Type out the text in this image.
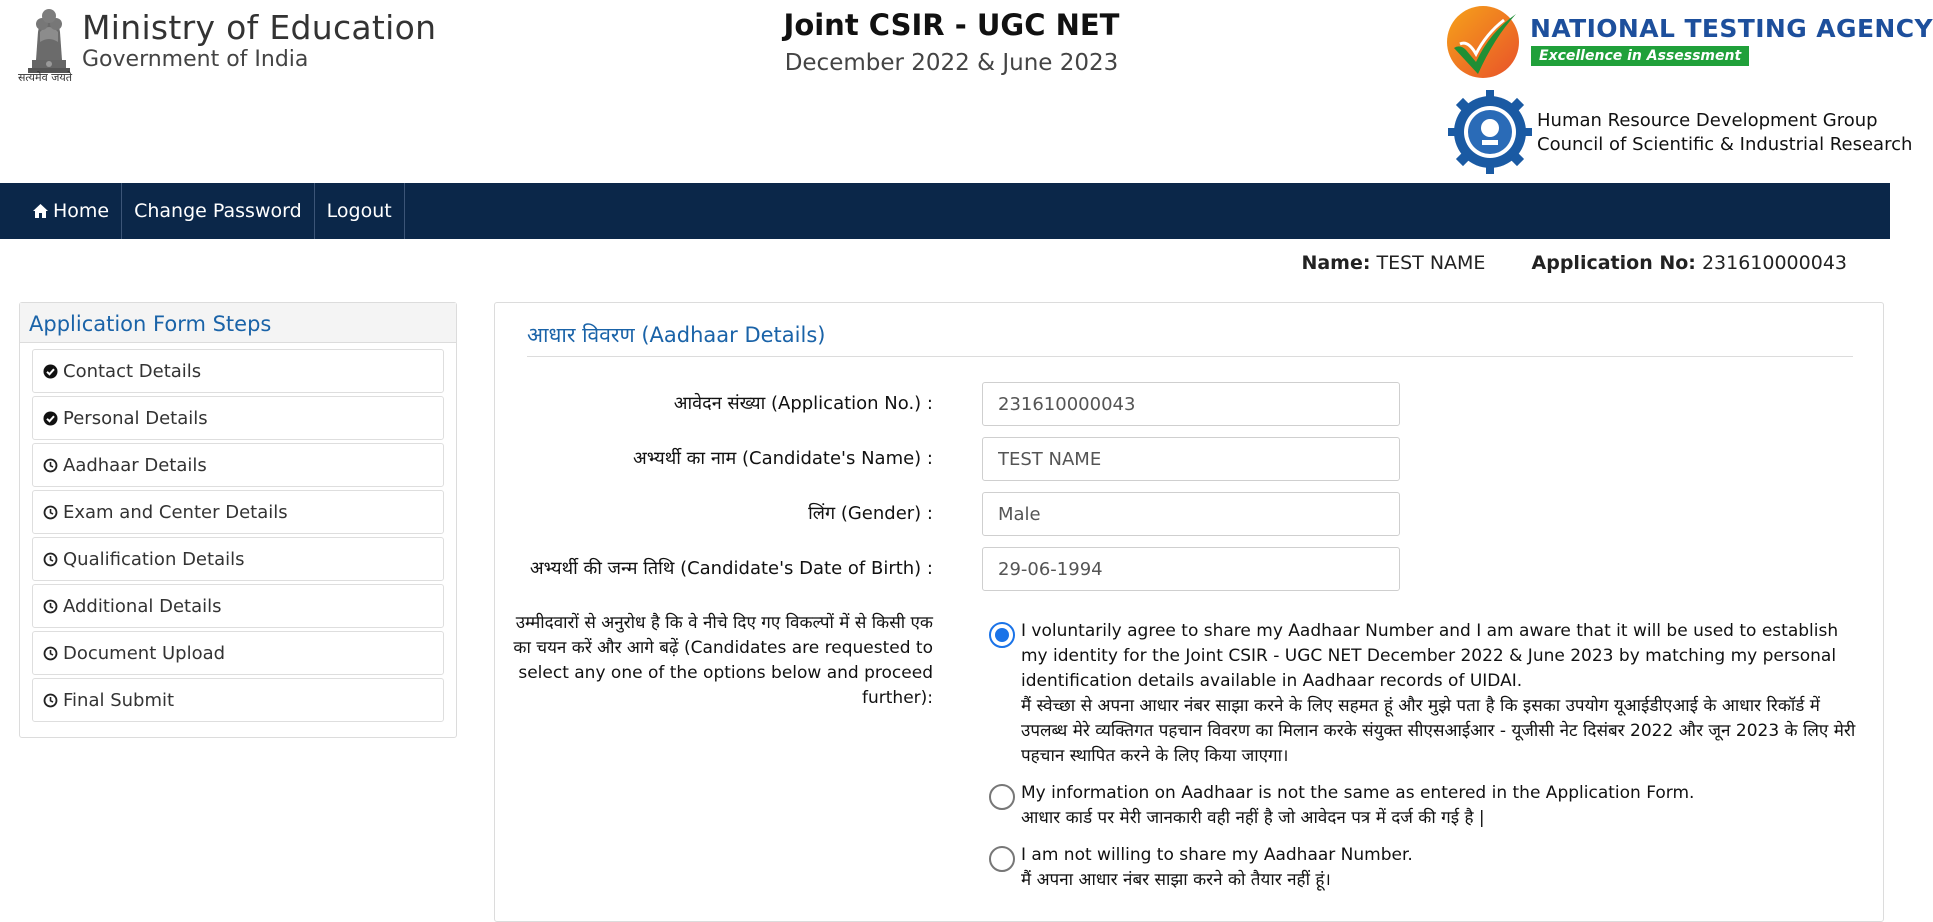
सत्यमेव जयते
Ministry of Education
Government of India
Joint CSIR - UGC NET
December 2022 & June 2023
NATIONAL TESTING AGENCY
Excellence in Assessment
Human Resource Development Group
Council of Scientific & Industrial Research
Home	Change Password	Logout
Name: TEST NAME Application No: 231610000043
Application Form Steps
Contact Details
Personal Details
Aadhaar Details
Exam and Center Details
Qualification Details
Additional Details
Document Upload
Final Submit
आधार विवरण (Aadhaar Details)
आवेदन संख्या (Application No.) :
231610000043
अभ्यर्थी का नाम (Candidate's Name) :
TEST NAME
लिंग (Gender) :
Male
अभ्यर्थी की जन्म तिथि (Candidate's Date of Birth) :
29-06-1994
उम्मीदवारों से अनुरोध है कि वे नीचे दिए गए विकल्पों में से किसी एक का चयन करें और आगे बढ़ें (Candidates are requested to select any one of the options below and proceed further):
I voluntarily agree to share my Aadhaar Number and I am aware that it will be used to establish my identity for the Joint CSIR - UGC NET December 2022 & June 2023 by matching my personal identification details available in Aadhaar records of UIDAI.
मैं स्वेच्छा से अपना आधार नंबर साझा करने के लिए सहमत हूं और मुझे पता है कि इसका उपयोग यूआईडीएआई के आधार रिकॉर्ड में उपलब्ध मेरे व्यक्तिगत पहचान विवरण का मिलान करके संयुक्त सीएसआईआर - यूजीसी नेट दिसंबर 2022 और जून 2023 के लिए मेरी पहचान स्थापित करने के लिए किया जाएगा।
My information on Aadhaar is not the same as entered in the Application Form.
आधार कार्ड पर मेरी जानकारी वही नहीं है जो आवेदन पत्र में दर्ज की गई है |
I am not willing to share my Aadhaar Number.
मैं अपना आधार नंबर साझा करने को तैयार नहीं हूं।
